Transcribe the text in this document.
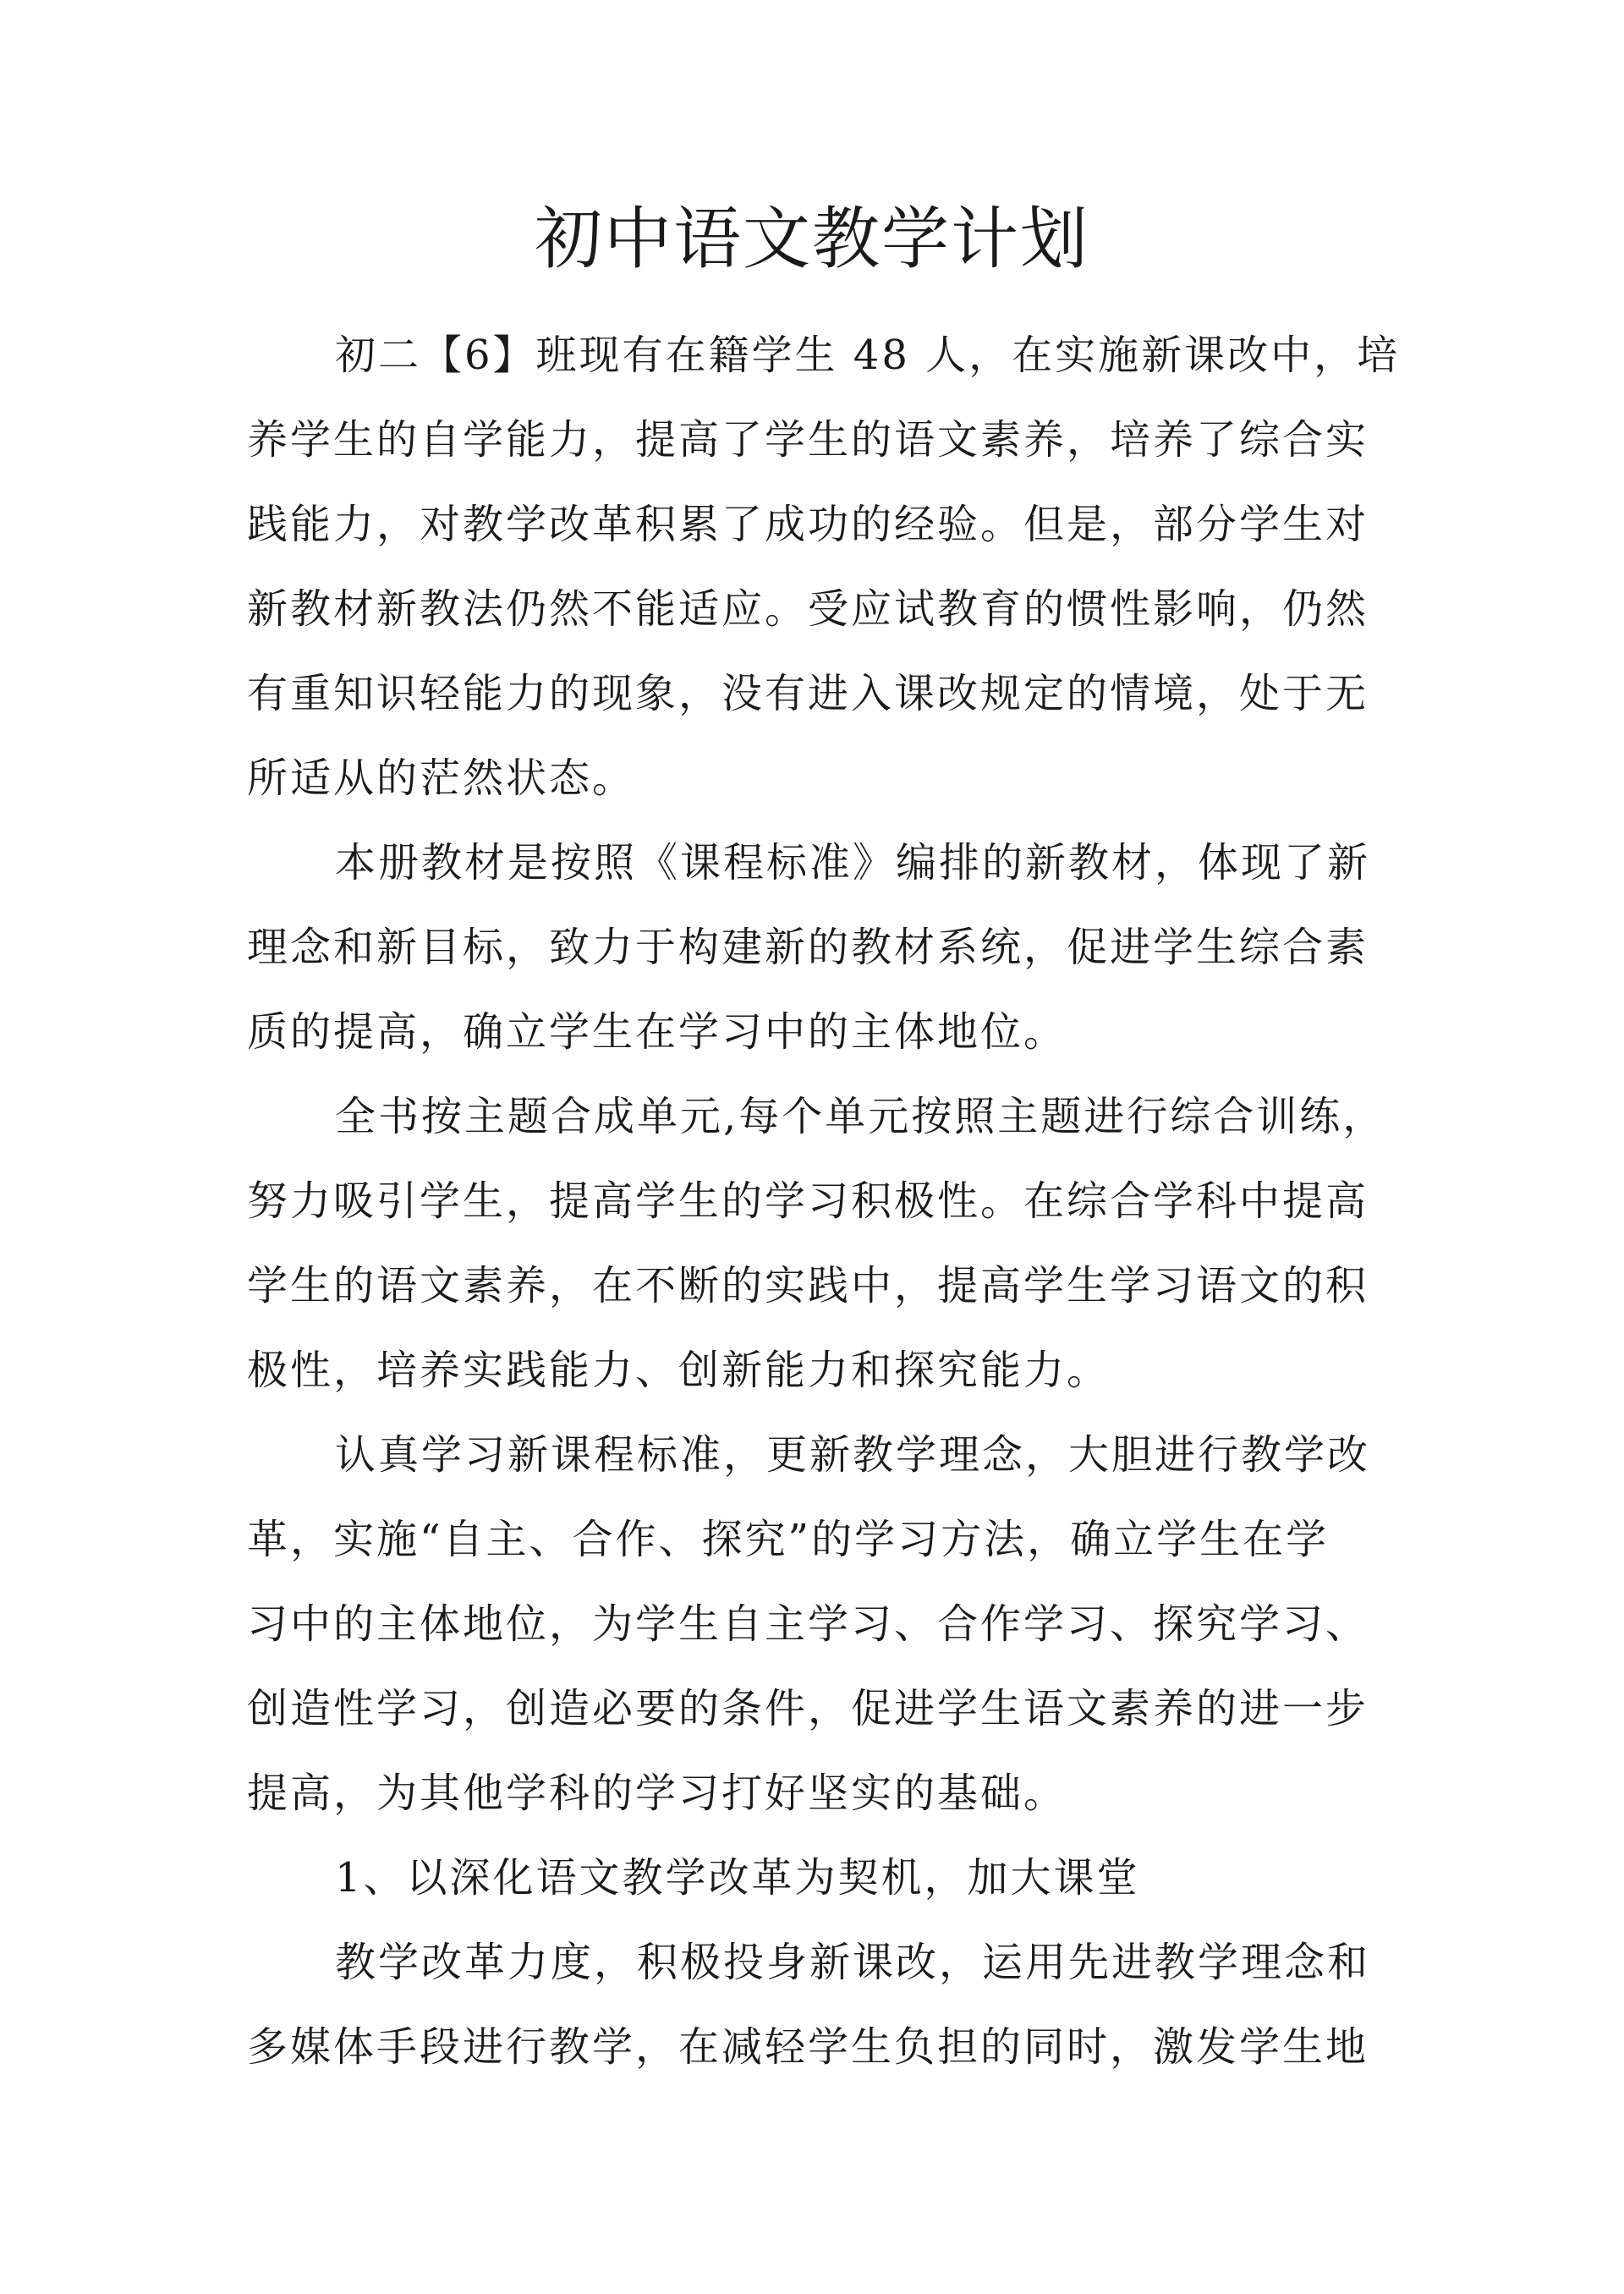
初中语文教学计划

初二【6】班现有在籍学生 48 人，在实施新课改中，培
养学生的自学能力，提高了学生的语文素养，培养了综合实
践能力，对教学改革积累了成功的经验。但是，部分学生对
新教材新教法仍然不能适应。受应试教育的惯性影响，仍然
有重知识轻能力的现象，没有进入课改规定的情境，处于无
所适从的茫然状态。

本册教材是按照《课程标准》编排的新教材，体现了新
理念和新目标，致力于构建新的教材系统，促进学生综合素
质的提高，确立学生在学习中的主体地位。

全书按主题合成单元,每个单元按照主题进行综合训练，
努力吸引学生，提高学生的学习积极性。在综合学科中提高
学生的语文素养，在不断的实践中，提高学生学习语文的积
极性，培养实践能力、创新能力和探究能力。

认真学习新课程标准，更新教学理念，大胆进行教学改
革，实施“自主、合作、探究”的学习方法，确立学生在学
习中的主体地位，为学生自主学习、合作学习、探究学习、
创造性学习，创造必要的条件，促进学生语文素养的进一步
提高，为其他学科的学习打好坚实的基础。

1、以深化语文教学改革为契机，加大课堂

教学改革力度，积极投身新课改，运用先进教学理念和
多媒体手段进行教学，在减轻学生负担的同时，激发学生地
